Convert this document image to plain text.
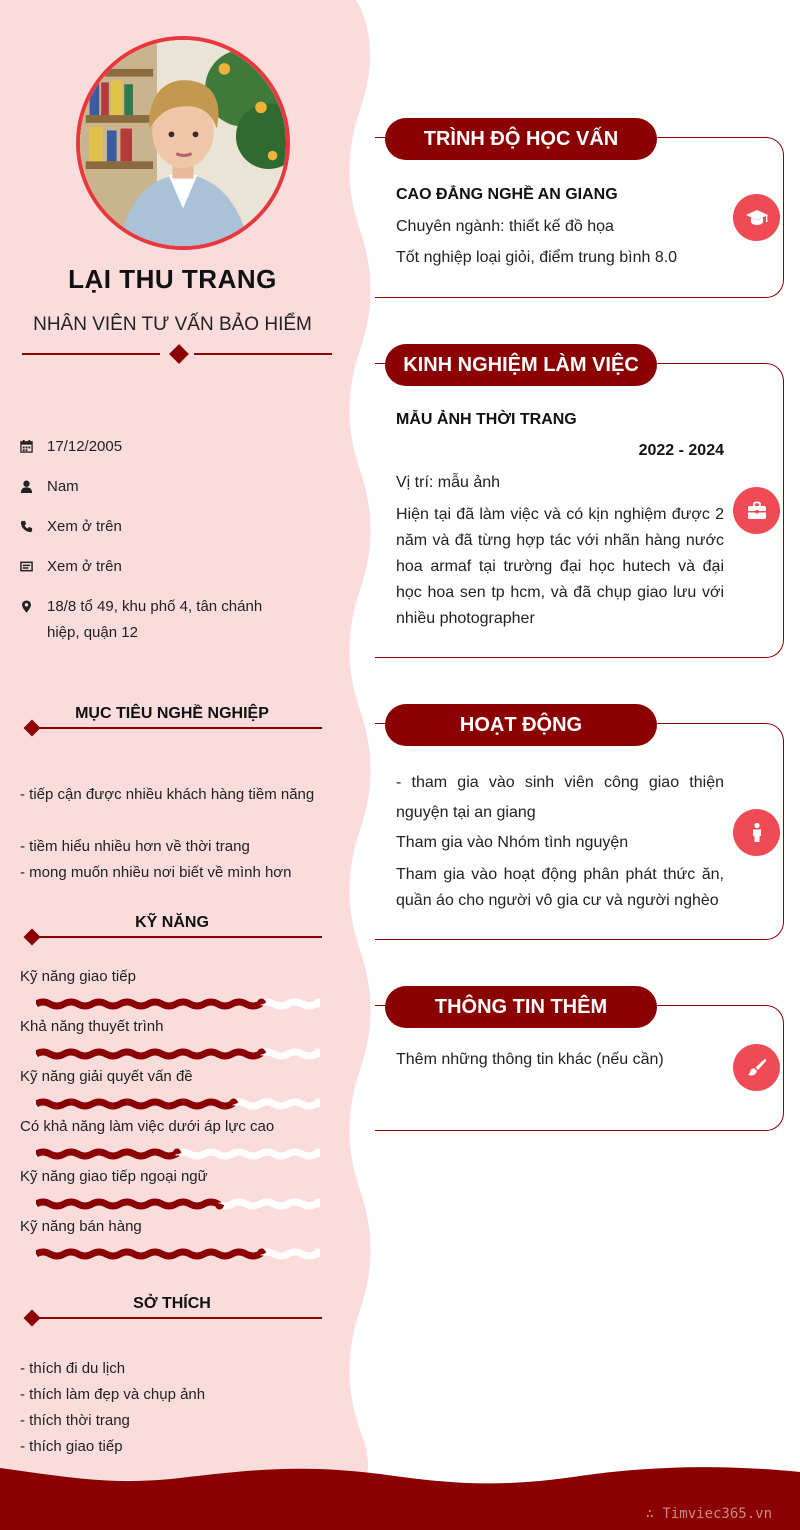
LẠI THU TRANG
NHÂN VIÊN TƯ VẤN BẢO HIỂM
17/12/2005
Nam
Xem ở trên
Xem ở trên
18/8 tổ 49, khu phố 4, tân chánh hiệp, quận 12
MỤC TIÊU NGHỀ NGHIỆP
- tiếp cận được nhiều khách hàng tiềm năng
- tiềm hiểu nhiều hơn về thời trang
- mong muốn nhiều nơi biết về mình hơn
KỸ NĂNG
Kỹ năng giao tiếp
Khả năng thuyết trình
Kỹ năng giải quyết vấn đề
Có khả năng làm việc dưới áp lực cao
Kỹ năng giao tiếp ngoại ngữ
Kỹ năng bán hàng
SỞ THÍCH
- thích đi du lịch
- thích làm đẹp và chụp ảnh
- thích thời trang
- thích giao tiếp
TRÌNH ĐỘ HỌC VẤN
CAO ĐẲNG NGHỀ AN GIANG
Chuyên ngành: thiết kế đồ họa
Tốt nghiệp loại giỏi, điểm trung bình 8.0
KINH NGHIỆM LÀM VIỆC
MẪU ẢNH THỜI TRANG
2022 - 2024
Vị trí: mẫu ảnh
Hiện tại đã làm việc và có kịn nghiệm được 2 năm và đã từng hợp tác với nhãn hàng nước hoa armaf tại trường đại học hutech và đại học hoa sen tp hcm, và đã chụp giao lưu với nhiều photographer
HOẠT ĐỘNG
- tham gia vào sinh viên công giao thiện nguyện tại an giang
Tham gia vào Nhóm tình nguyện
Tham gia vào hoạt động phân phát thức ăn, quần áo cho người vô gia cư và người nghèo
THÔNG TIN THÊM
Thêm những thông tin khác (nếu cần)
∴ Timviec365.vn
